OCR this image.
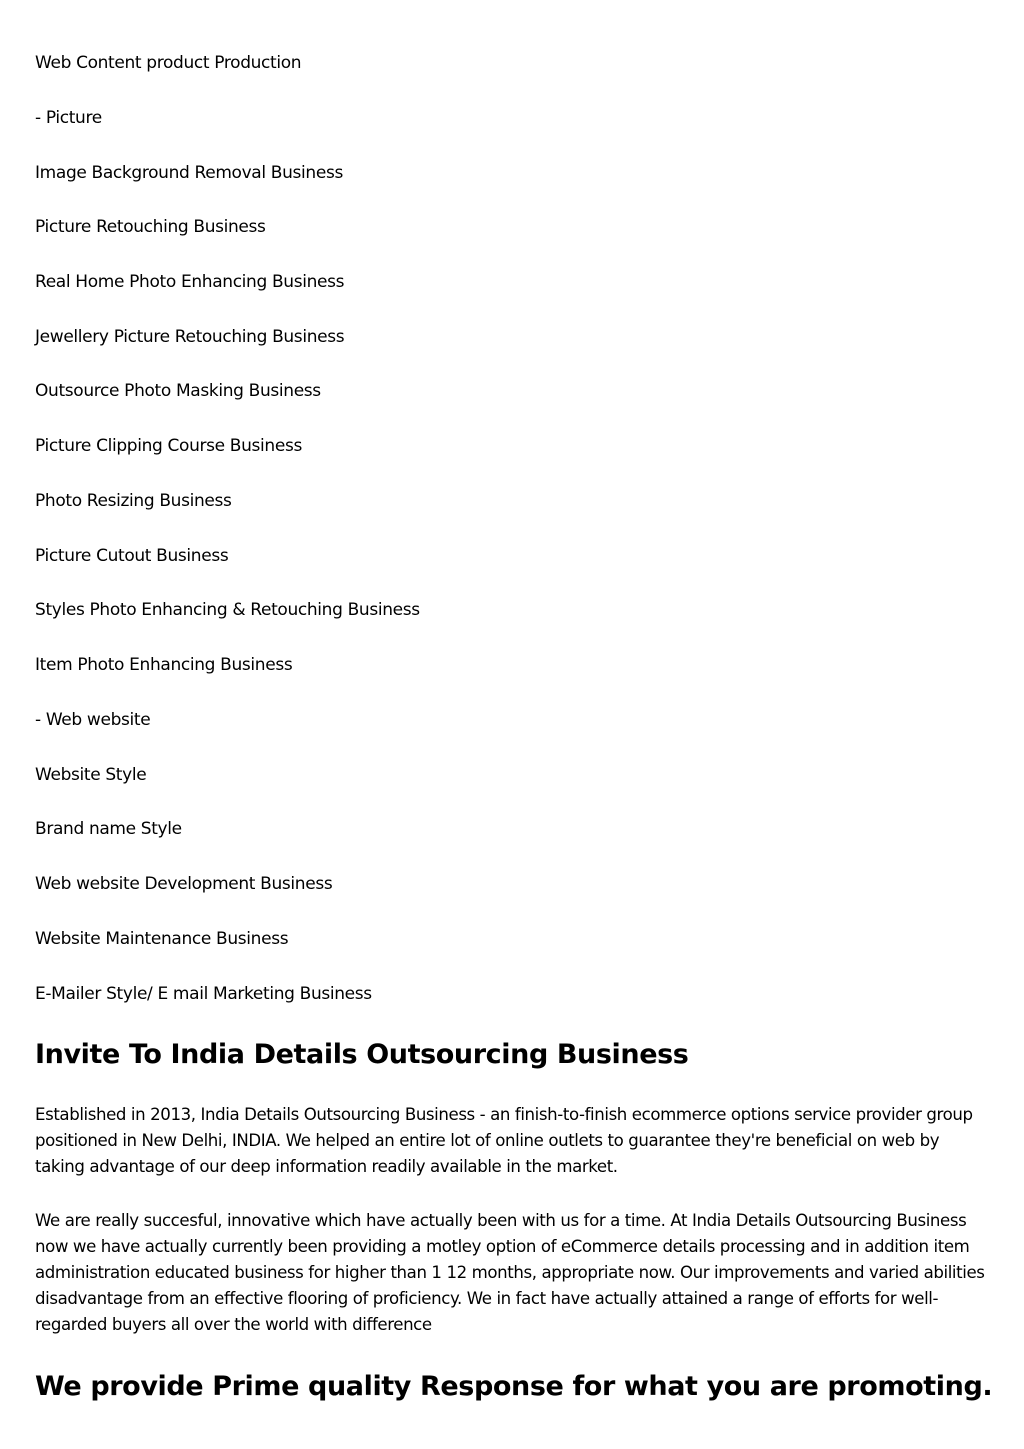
Web Content product Production
- Picture
Image Background Removal Business
Picture Retouching Business
Real Home Photo Enhancing Business
Jewellery Picture Retouching Business
Outsource Photo Masking Business
Picture Clipping Course Business
Photo Resizing Business
Picture Cutout Business
Styles Photo Enhancing & Retouching Business
Item Photo Enhancing Business
- Web website
Website Style
Brand name Style
Web website Development Business
Website Maintenance Business
E-Mailer Style/ E mail Marketing Business
Invite To India Details Outsourcing Business

Established in 2013, India Details Outsourcing Business - an finish-to-finish ecommerce options service provider group positioned in New Delhi, INDIA. We helped an entire lot of online outlets to guarantee they're beneficial on web by taking advantage of our deep information readily available in the market.

We are really succesful, innovative which have actually been with us for a time. At India Details Outsourcing Business now we have actually currently been providing a motley option of eCommerce details processing and in addition item administration educated business for higher than 1 12 months, appropriate now. Our improvements and varied abilities disadvantage from an effective flooring of proficiency. We in fact have actually attained a range of efforts for well-regarded buyers all over the world with difference

We provide Prime quality Response for what you are promoting.
